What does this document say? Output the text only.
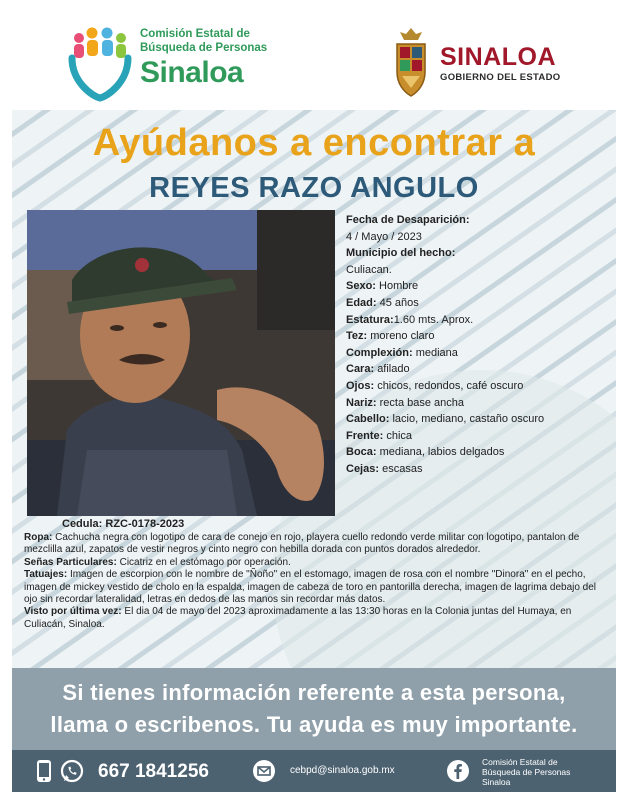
Comisión Estatal de
Búsqueda de Personas
Sinaloa	SINALOA
GOBIERNO DEL ESTADO
Ayúdanos a encontrar a
REYES RAZO ANGULO
Fecha de Desaparición:
4 / Mayo / 2023
Municipio del hecho:
Culiacan.
Sexo: Hombre
Edad: 45 años
Estatura:1.60 mts. Aprox.
Tez: moreno claro
Complexión: mediana
Cara: afilado
Ojos: chicos, redondos, café oscuro
Nariz: recta base ancha
Cabello: lacio, mediano, castaño oscuro
Frente: chica
Boca: mediana, labios delgados
Cejas: escasas
Cedula: RZC-0178-2023
Ropa: Cachucha negra con logotipo de cara de conejo en rojo, playera cuello redondo verde militar con logotipo, pantalon de mezclilla azul, zapatos de vestir negros y cinto negro con hebilla dorada con puntos dorados alrededor.
Señas Particulares: Cicatriz en el estómago por operación.
Tatuajes: Imagen de escorpion con le nombre de "Ñoño" en el estomago, imagen de rosa con el nombre "Dinora" en el pecho, imagen de mickey vestido de cholo en la espalda, imagen de cabeza de toro en pantorilla derecha, imagen de lagrima debajo del ojo sin recordar lateralidad, letras en dedos de las manos sin recordar más datos.
Visto por última vez: El dia 04 de mayo del 2023 aproximadamente a las 13:30 horas en la Colonia juntas del Humaya, en Culiacán, Sinaloa.
Si tienes información referente a esta persona,
llama o escribenos. Tu ayuda es muy importante.
667 1841256	cebpd@sinaloa.gob.mx
Comisión Estatal de
Búsqueda de Personas
Sinaloa
